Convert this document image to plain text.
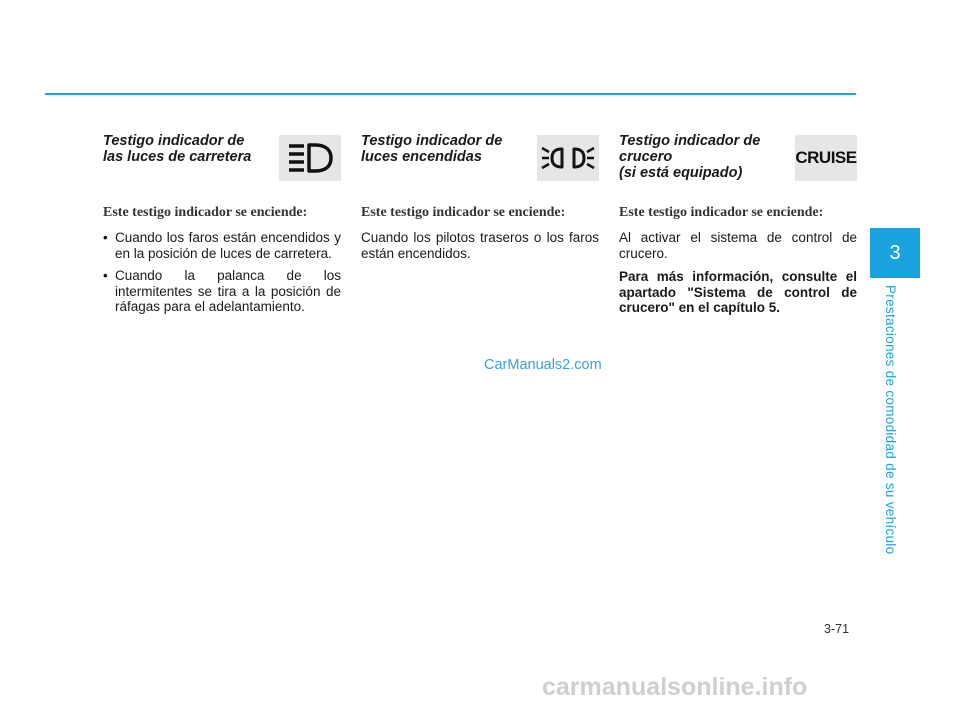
Testigo indicador de
las luces de carretera

Este testigo indicador se enciende:

• Cuando los faros están encendidos y en la posición de luces de carretera.
• Cuando la palanca de los intermitentes se tira a la posición de ráfagas para el adelantamiento.

Testigo indicador de
luces encendidas

Este testigo indicador se enciende:

Cuando los pilotos traseros o los faros están encendidos.

Testigo indicador de
crucero
(si está equipado)

CRUISE

Este testigo indicador se enciende:

Al activar el sistema de control de crucero.

Para más información, consulte el apartado "Sistema de control de crucero" en el capítulo 5.

CarManuals2.com
3
Prestaciones de comodidad de su vehículo
3-71
carmanualsonline.info
